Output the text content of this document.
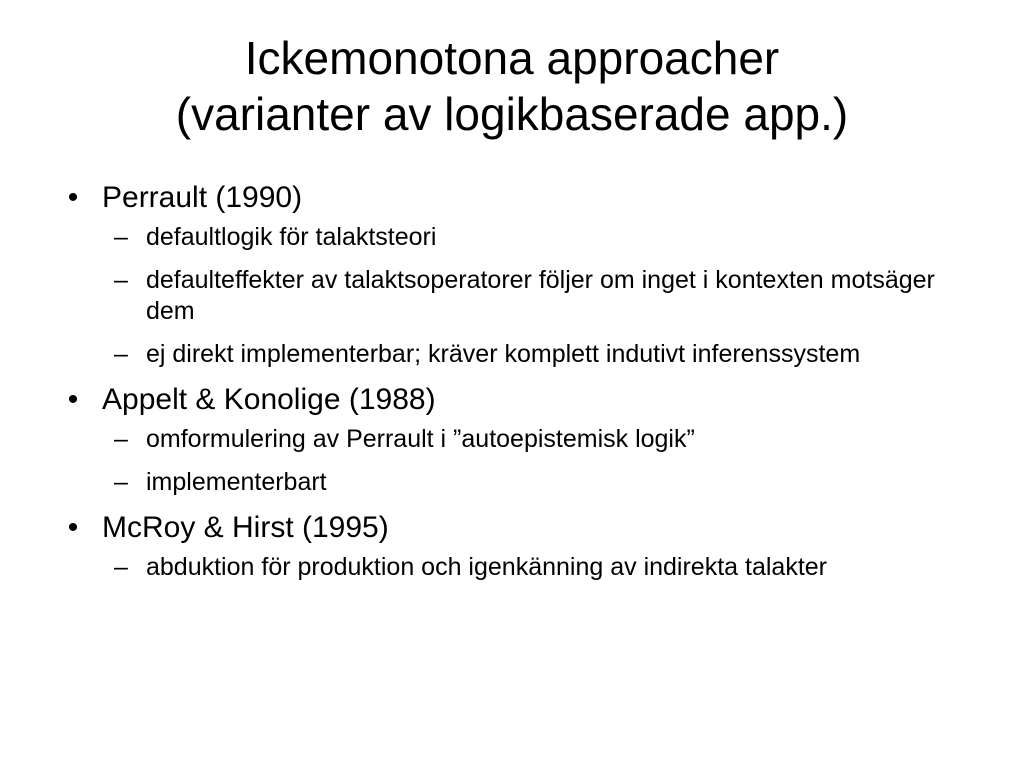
Ickemonotona approacher
(varianter av logikbaserade app.)
• Perrault (1990)
– defaultlogik för talaktsteori
– defaulteffekter av talaktsoperatorer följer om inget i kontexten motsäger dem
– ej direkt implementerbar; kräver komplett indutivt inferenssystem
• Appelt & Konolige (1988)
– omformulering av Perrault i ”autoepistemisk logik”
– implementerbart
• McRoy & Hirst (1995)
– abduktion för produktion och igenkänning av indirekta talakter
